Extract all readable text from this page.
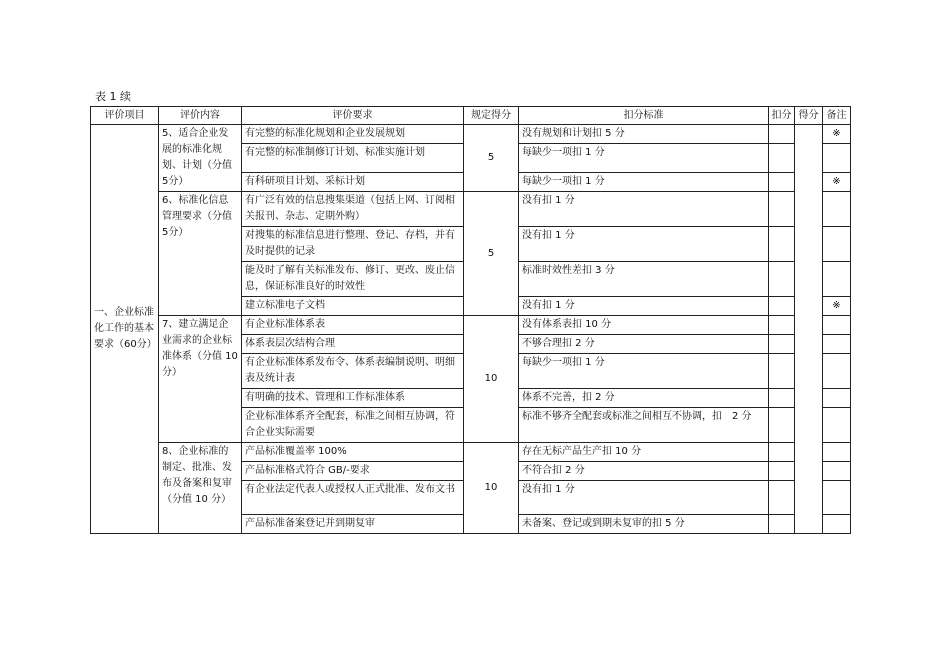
表 1 续
评价项目	评价内容	评价要求	规定得分	扣分标准	扣分	得分	备注
一、企业标准化工作的基本要求（60分）	5、适合企业发展的标准化规划、计划（分值 5分）	有完整的标准化规划和企业发展规划	5	没有规划和计划扣 5 分			※
		有完整的标准制修订计划、标准实施计划		每缺少一项扣 1 分			
		有科研项目计划、采标计划		每缺少一项扣 1 分			※
	6、标准化信息管理要求（分值 5分）	有广泛有效的信息搜集渠道（包括上网、订阅相关报刊、杂志、定期外购）	5	没有扣 1 分			
		对搜集的标准信息进行整理、登记、存档，并有及时提供的记录		没有扣 1 分			
		能及时了解有关标准发布、修订、更改、废止信息，保证标准良好的时效性		标准时效性差扣 3 分			
		建立标准电子文档		没有扣 1 分			※
	7、建立满足企业需求的企业标准体系（分值 10 分）	有企业标准体系表	10	没有体系表扣 10 分			
		体系表层次结构合理		不够合理扣 2 分			
		有企业标准体系发布令、体系表编制说明、明细表及统计表		每缺少一项扣 1 分			
		有明确的技术、管理和工作标准体系		体系不完善，扣 2 分			
		企业标准体系齐全配套，标准之间相互协调，符合企业实际需要		标准不够齐全配套或标准之间相互不协调，扣　2 分			
	8、企业标准的制定、批准、发布及备案和复审（分值 10 分）	产品标准覆盖率 100%	10	存在无标产品生产扣 10 分			
		产品标准格式符合 GB/-要求		不符合扣 2 分			
		有企业法定代表人或授权人正式批准、发布文书		没有扣 1 分			
		产品标准备案登记并到期复审		未备案、登记或到期未复审的扣 5 分			
